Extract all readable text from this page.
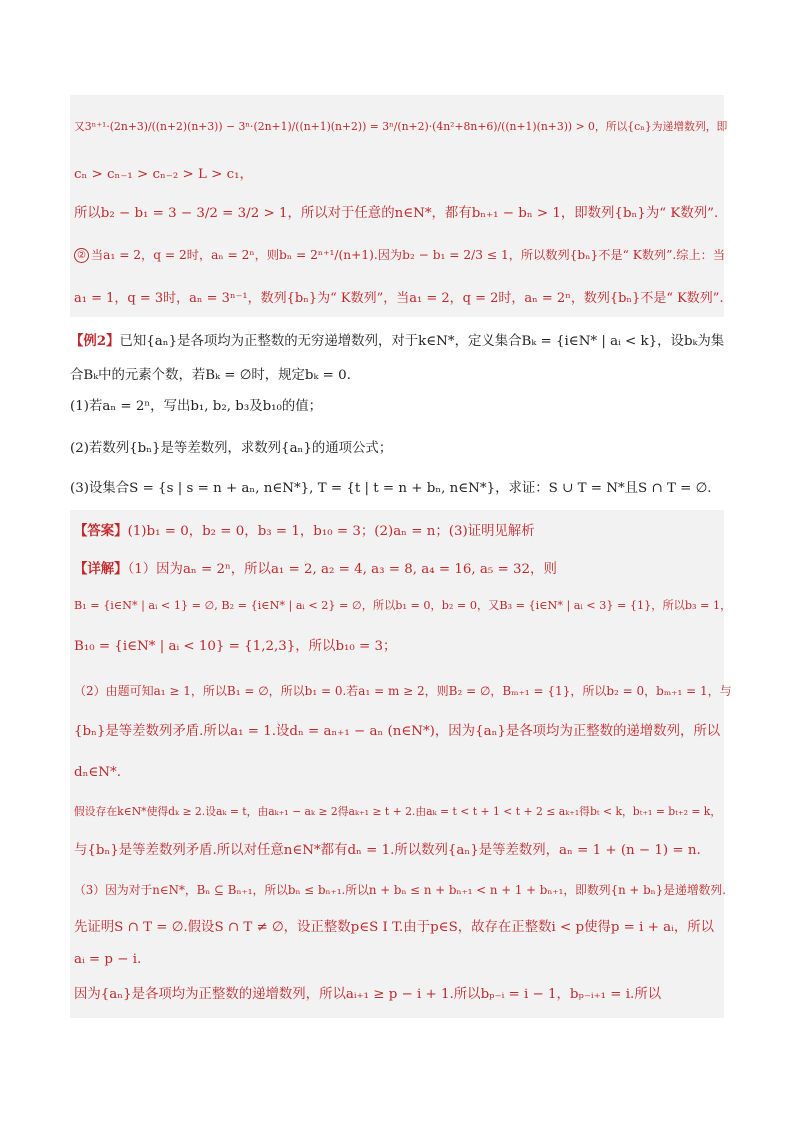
又3ⁿ⁺¹·(2n+3)/((n+2)(n+3)) − 3ⁿ·(2n+1)/((n+1)(n+2)) = 3ⁿ/(n+2)·(4n²+8n+6)/((n+1)(n+3)) > 0，所以{cₙ}为递增数列，即
cₙ > cₙ₋₁ > cₙ₋₂ > L > c₁，
所以b₂ − b₁ = 3 − 3/2 = 3/2 > 1，所以对于任意的n∈N*，都有bₙ₊₁ − bₙ > 1，即数列{bₙ}为“ K数列”.
② 当a₁ = 2，q = 2时，aₙ = 2ⁿ，则bₙ = 2ⁿ⁺¹/(n+1).因为b₂ − b₁ = 2/3 ≤ 1，所以数列{bₙ}不是“ K数列”.综上：当
a₁ = 1，q = 3时，aₙ = 3ⁿ⁻¹，数列{bₙ}为“ K数列”，当a₁ = 2，q = 2时，aₙ = 2ⁿ，数列{bₙ}不是“ K数列”.
【例2】已知{aₙ}是各项均为正整数的无穷递增数列，对于k∈N*，定义集合Bₖ = {i∈N* | aᵢ < k}，设bₖ为集
合Bₖ中的元素个数，若Bₖ = ∅时，规定bₖ = 0.
(1)若aₙ = 2ⁿ，写出b₁, b₂, b₃及b₁₀的值；
(2)若数列{bₙ}是等差数列，求数列{aₙ}的通项公式；
(3)设集合S = {s | s = n + aₙ, n∈N*}, T = {t | t = n + bₙ, n∈N*}，求证：S ∪ T = N*且S ∩ T = ∅.
【答案】(1)b₁ = 0，b₂ = 0，b₃ = 1，b₁₀ = 3；(2)aₙ = n；(3)证明见解析
【详解】（1）因为aₙ = 2ⁿ，所以a₁ = 2, a₂ = 4, a₃ = 8, a₄ = 16, a₅ = 32，则
B₁ = {i∈N* | aᵢ < 1} = ∅, B₂ = {i∈N* | aᵢ < 2} = ∅，所以b₁ = 0，b₂ = 0，又B₃ = {i∈N* | aᵢ < 3} = {1}，所以b₃ = 1，
B₁₀ = {i∈N* | aᵢ < 10} = {1,2,3}，所以b₁₀ = 3；
（2）由题可知a₁ ≥ 1，所以B₁ = ∅，所以b₁ = 0.若a₁ = m ≥ 2，则B₂ = ∅，Bₘ₊₁ = {1}，所以b₂ = 0，bₘ₊₁ = 1，与
{bₙ}是等差数列矛盾.所以a₁ = 1.设dₙ = aₙ₊₁ − aₙ (n∈N*)，因为{aₙ}是各项均为正整数的递增数列，所以
dₙ∈N*.
假设存在k∈N*使得dₖ ≥ 2.设aₖ = t，由aₖ₊₁ − aₖ ≥ 2得aₖ₊₁ ≥ t + 2.由aₖ = t < t + 1 < t + 2 ≤ aₖ₊₁得bₜ < k，bₜ₊₁ = bₜ₊₂ = k，
与{bₙ}是等差数列矛盾.所以对任意n∈N*都有dₙ = 1.所以数列{aₙ}是等差数列，aₙ = 1 + (n − 1) = n.
（3）因为对于n∈N*，Bₙ ⊆ Bₙ₊₁，所以bₙ ≤ bₙ₊₁.所以n + bₙ ≤ n + bₙ₊₁ < n + 1 + bₙ₊₁，即数列{n + bₙ}是递增数列.
先证明S ∩ T = ∅.假设S ∩ T ≠ ∅，设正整数p∈S I T.由于p∈S，故存在正整数i < p使得p = i + aᵢ，所以
aᵢ = p − i.
因为{aₙ}是各项均为正整数的递增数列，所以aᵢ₊₁ ≥ p − i + 1.所以bₚ₋ᵢ = i − 1，bₚ₋ᵢ₊₁ = i.所以
